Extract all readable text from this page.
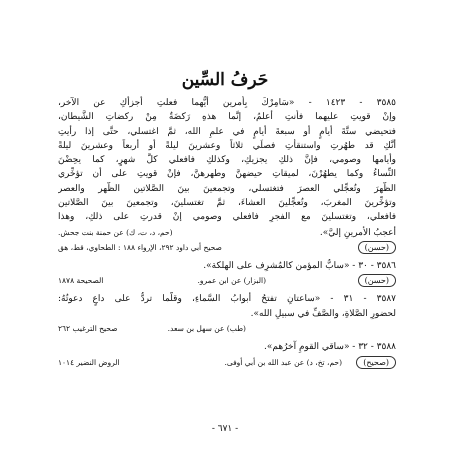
حَرفُ السِّين
٣٥٨٥ - ١٤٢٣ - «سَامِرْكَ بِأمرين أيُّهما فعلتِ أجزأكِ عن الآخر،
وإنْ قويتِ عليهما فأنتِ أعلمُ، إنَّما هذهِ رَكضَةٌ مِنْ ركضاتِ الشَّيطان،
فتحيضي ستَّةَ أيامٍ أو سبعةَ أيامٍ في علمِ الله، ثمَّ اغتسلي، حتَّى إذا رأيتِ
أنَّكِ قد طهُرتِ واستنقأتِ فصلِّي ثلاثاً وعشرينَ ليلةً أو أربعاً وعشرينَ ليلةً
وأيامها وصومي، فإنَّ ذلكِ يجزيكِ، وكذلكِ فافعلي كلَّ شهرٍ، كما يحِضْنَ
النِّساءُ وكما يطهُرْنَ، لميقاتِ حيضهنَّ وطهرهنَّ، فإنْ قويتِ على أن تؤخِّري
الظُّهرَ وتُعجِّلي العصرَ فتغتسلي، وتجمعينَ بينَ الصَّلاتين الظُّهر والعصر
وتؤخِّرينَ المغربَ، وتُعجِّلينَ العشاءَ، ثمَّ تغتسلينَ، وتجمعينَ بينَ الصَّلاتين
فافعلي، وتغتسلينَ مع الفجرِ فافعلي وصومي إنْ قدرتِ على ذلكِ، وهذا
أعجبُ الأمرينِ إليَّ».
(حم، د، ت، ك) عن حمنة بنت جحش.
(حسن)
صحيح أبي داود ٢٩٢، الإرواء ١٨٨ : الطحاوي، قط، هق
٣٥٨٦ - ٣٠ - «سابُّ المؤمن كالمُشرِف على الهلكة».
(حسن)
(البزار) عن ابن عمرو.
الصحيحة ١٨٧٨
٣٥٨٧ - ٣١ - «ساعتانِ تفتحُ أبوابُ السَّماءِ، وقلَّما تردُّ على داعٍ دعوتُهُ:
لحضورِ الصَّلاةِ، والصَّفِّ في سبيلِ الله».
(طب) عن سهل بن سعد.
صحيح الترغيب ٢٦٢
٣٥٨٨ - ٣٢ - «ساقي القومِ آخرُهم».
(صحيح)
(حم، تخ، د) عن عبد الله بن أبي أوفى.
الروض النضير ١٠١٤
- ٦٧١ -
